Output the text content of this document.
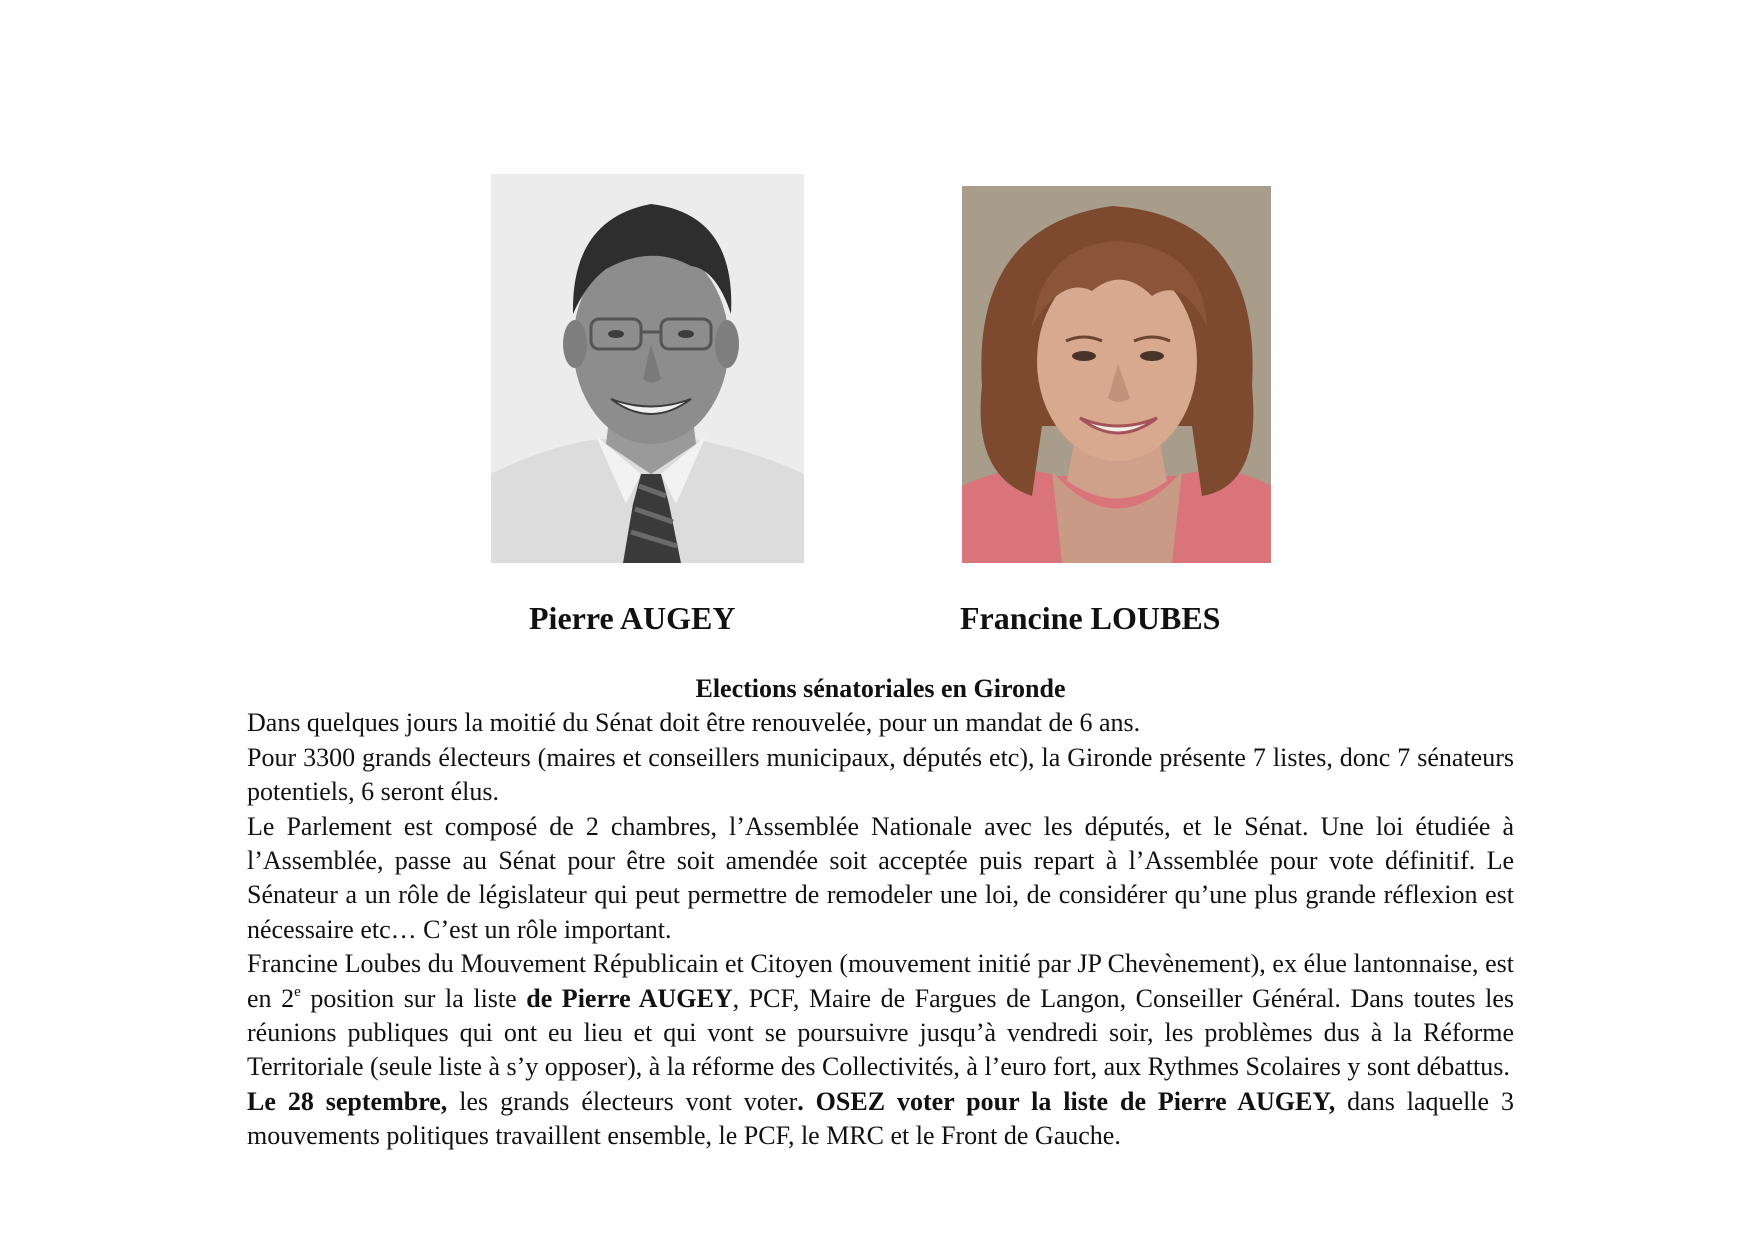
Pierre AUGEY	Francine LOUBES

Elections sénatoriales en Gironde

Dans quelques jours la moitié du Sénat doit être renouvelée, pour un mandat de 6 ans.

Pour 3300 grands électeurs (maires et conseillers municipaux, députés etc), la Gironde présente 7 listes, donc 7 sénateurs potentiels, 6 seront élus.

Le Parlement est composé de 2 chambres, l’Assemblée Nationale avec les députés, et le Sénat. Une loi étudiée à l’Assemblée, passe au Sénat pour être soit amendée soit acceptée puis repart à l’Assemblée pour vote définitif. Le Sénateur a un rôle de législateur qui peut permettre de remodeler une loi, de considérer qu’une plus grande réflexion est nécessaire etc… C’est un rôle important.

Francine Loubes du Mouvement Républicain et Citoyen (mouvement initié par JP Chevènement), ex élue lantonnaise, est en 2e position sur la liste de Pierre AUGEY, PCF, Maire de Fargues de Langon, Conseiller Général. Dans toutes les réunions publiques qui ont eu lieu et qui vont se poursuivre jusqu’à vendredi soir, les problèmes dus à la Réforme Territoriale (seule liste à s’y opposer), à la réforme des Collectivités, à l’euro fort, aux Rythmes Scolaires y sont débattus.

Le 28 septembre, les grands électeurs vont voter. OSEZ voter pour la liste de Pierre AUGEY, dans laquelle 3 mouvements politiques travaillent ensemble, le PCF, le MRC et le Front de Gauche.
